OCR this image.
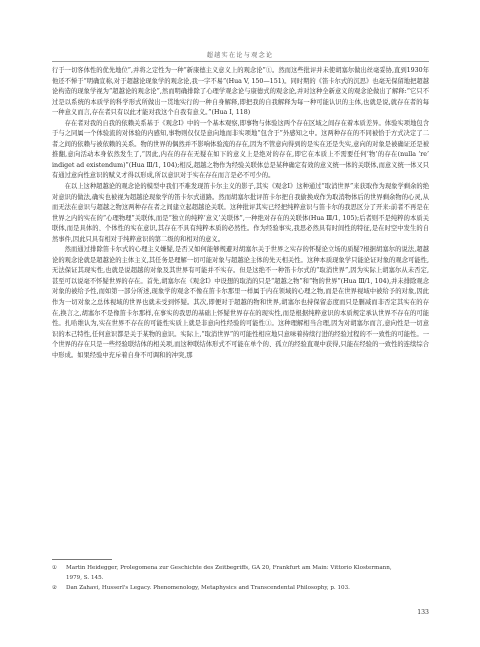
超越实在论与观念论

行于一切客体性的优先地位”,并将之定性为一种“新康德主义意义上的观念论”①。然而这些批评并未使胡塞尔做出丝毫妥协,直到1930年他还不惮于“明确宣称,对于超越论现象学的观念论,我一字不易”(Hua V, 150—151)。同时期的《笛卡尔式的沉思》也毫无保留地把超越论构造的现象学视为“超越论的观念论”,然而明确排除了心理学观念论与康德式的观念论,并对这种全新意义的观念论做出了解释:“它只不过是以系统的本质学的科学形式所做出一贯地实行的一种自身解释,即把我的自我解释为每一种可能认识的主体,也就是说,就存在者的每一种意义而言,存在者只有以此才能对我这个自我有意义。”(Hua I, 118)

存在者对我的自我的依赖关系基于《观念Ⅰ》中的一个基本观察,即事物与体验这两个存在区域之间存在着本质差异。体验实项地包含于与之同属一个体验流的对体验的内感知,事物则仅仅是意向地而非实项地“包含于”外感知之中。这两种存在的不同被恰于方式决定了二者之间的依赖与被依赖的关系。物的世界的偶然并不影响体验流的存在,因为不管意向得到的是实在还是失实,意向的对象是被确证还是被推翻,意向活动本身依然发生了,“因此,内在的存在无疑在如下的意义上是绝对的存在,即它在本质上不需要任何‘物’的存在(nulla ‘re’ indiget ad existendum)”(Hua Ⅲ/1, 104);相反,超越之物作为经验关联体总是某种确定有效的意义统一体的关联体,而意义统一体又只有通过意向性意识的赋义才得以形成,所以意识对于实在存在而言是必不可少的。

在以上这种超越论的观念论的模型中我们不难发现笛卡尔主义的影子,其实《观念Ⅰ》这种通过“取消世界”来获取作为现象学剩余的绝对意识的做法,确实也被视为超越论现象学的笛卡尔式道路。然而胡塞尔批评笛卡尔把自我偷换成作为取消物体后的世界剩余物的心灵,从而无法在意识与超越之物这两种存在者之间建立起超越论关联。这种批评其实已经把纯粹意识与笛卡尔的我思区分了开来:前者不再是在世界之内的实在的“心理物理”关联体,而是“独立的纯粹‘意义’关联体”,一种绝对存在的关联体(Hua Ⅲ/1, 105);后者则不是纯粹的本质关联体,而是具体的、个体性的实在意识,其存在不具有纯粹本质的必然性。作为经验事实,我思必然具有时间性的特征,是在时空中发生的自然事件,因此只具有相对于纯粹意识的第二级的和相对的意义。

然而通过排除笛卡尔式的心理主义嫌疑,是否又如何能够规避对胡塞尔关于世界之实存的怀疑论立场的质疑?根据胡塞尔的说法,超越论的观念论就是超越论的主体主义,其任务是理解一切可能对象与超越论主体的先天相关性。这种本质现象学只能论证对象的观念可能性,无法保证其现实性,也就是说超越的对象及其世界有可能并不实存。但是这绝不一种笛卡尔式的“取消世界”,因为实际上胡塞尔从未否定,甚至可以说毫不怀疑世界的存在。首先,胡塞尔在《观念Ⅰ》中设想的取消的只是“超越之物”和“物的世界”(Hua Ⅲ/1, 104),并未排除观念对象的被给予性,而如第一部分所述,现象学的观念不像在笛卡尔那里一样属于内在领域的心理之物,而是在世界视域中被给予的对象,因此作为一切对象之总体视域的世界也就未受到怀疑。其次,即便对于超越的物和世界,胡塞尔也持保留态度而只是删减而非否定其实在的存在,换言之,胡塞尔不是像笛卡尔那样,在事实的我思的基础上怀疑世界存在的现实性,而是根据纯粹意识的本质规定承认世界不存在的可能性。扎哈维认为,实在世界不存在的可能性实质上就是非意向性经验的可能性①。这种理解相当合理,因为对胡塞尔而言,意向性是一切意识的本己特性,任何意识都是关于某物的意识。实际上,“取消世界”的可能性相应地只意味着持续行进的经验过程的不一致性的可能性。一个世界的存在只是一些经验联结体的相关项,而这种联结体形式不可能在单个的、孤立的经验直观中获得,只能在经验的一致性的连续综合中形成。如果经验中充斥着自身不可调和的冲突,那

① Martin Heidegger, Prolegomena zur Geschichte des Zeitbegriffs, GA 20, Frankfurt am Main: Vittorio Klostermann,

1979, S. 145.

② Dan Zahavi, Husserl's Legacy. Phenomenology, Metaphysics and Transcendental Philosophy, p. 103.

133
